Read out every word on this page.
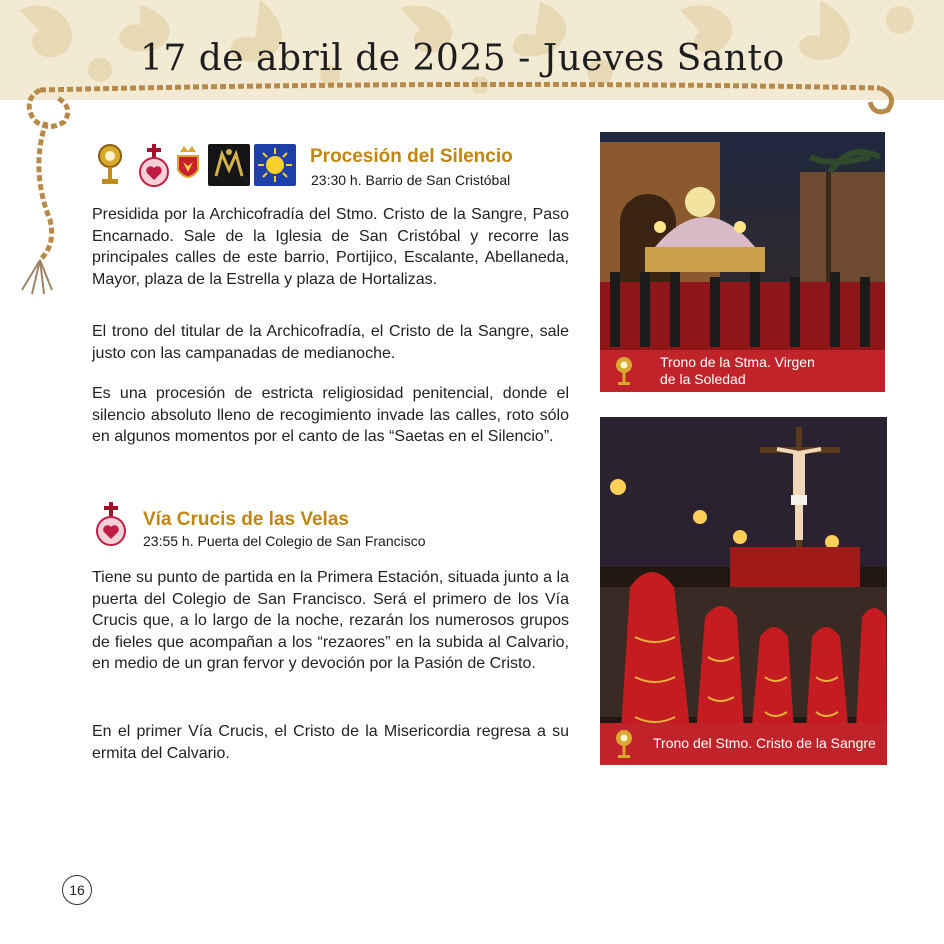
17 de abril de 2025 - Jueves Santo
Procesión del Silencio
23:30 h. Barrio de San Cristóbal
Presidida por la Archicofradía del Stmo. Cristo de la Sangre, Paso Encarnado. Sale de la Iglesia de San Cristóbal y recorre las principales calles de este barrio, Portijico, Escalante, Abellaneda, Mayor, plaza de la Estrella y plaza de Hortalizas.
El trono del titular de la Archicofradía, el Cristo de la Sangre, sale justo con las campanadas de medianoche.
Es una procesión de estricta religiosidad penitencial, donde el silencio absoluto lleno de recogimiento invade las calles, roto sólo en algunos momentos por el canto de las “Saetas en el Silencio”.
Vía Crucis de las Velas
23:55 h. Puerta del Colegio de San Francisco
Tiene su punto de partida en la Primera Estación, situada junto a la puerta del Colegio de San Francisco. Será el primero de los Vía Crucis que, a lo largo de la noche, rezarán los numerosos grupos de fieles que acompañan a los “rezaores” en la subida al Calvario, en medio de un gran fervor y devoción por la Pasión de Cristo.
En el primer Vía Crucis, el Cristo de la Misericordia regresa a su ermita del Calvario.
Trono de la Stma. Virgen
de la Soledad
Trono del Stmo. Cristo de la Sangre
16
